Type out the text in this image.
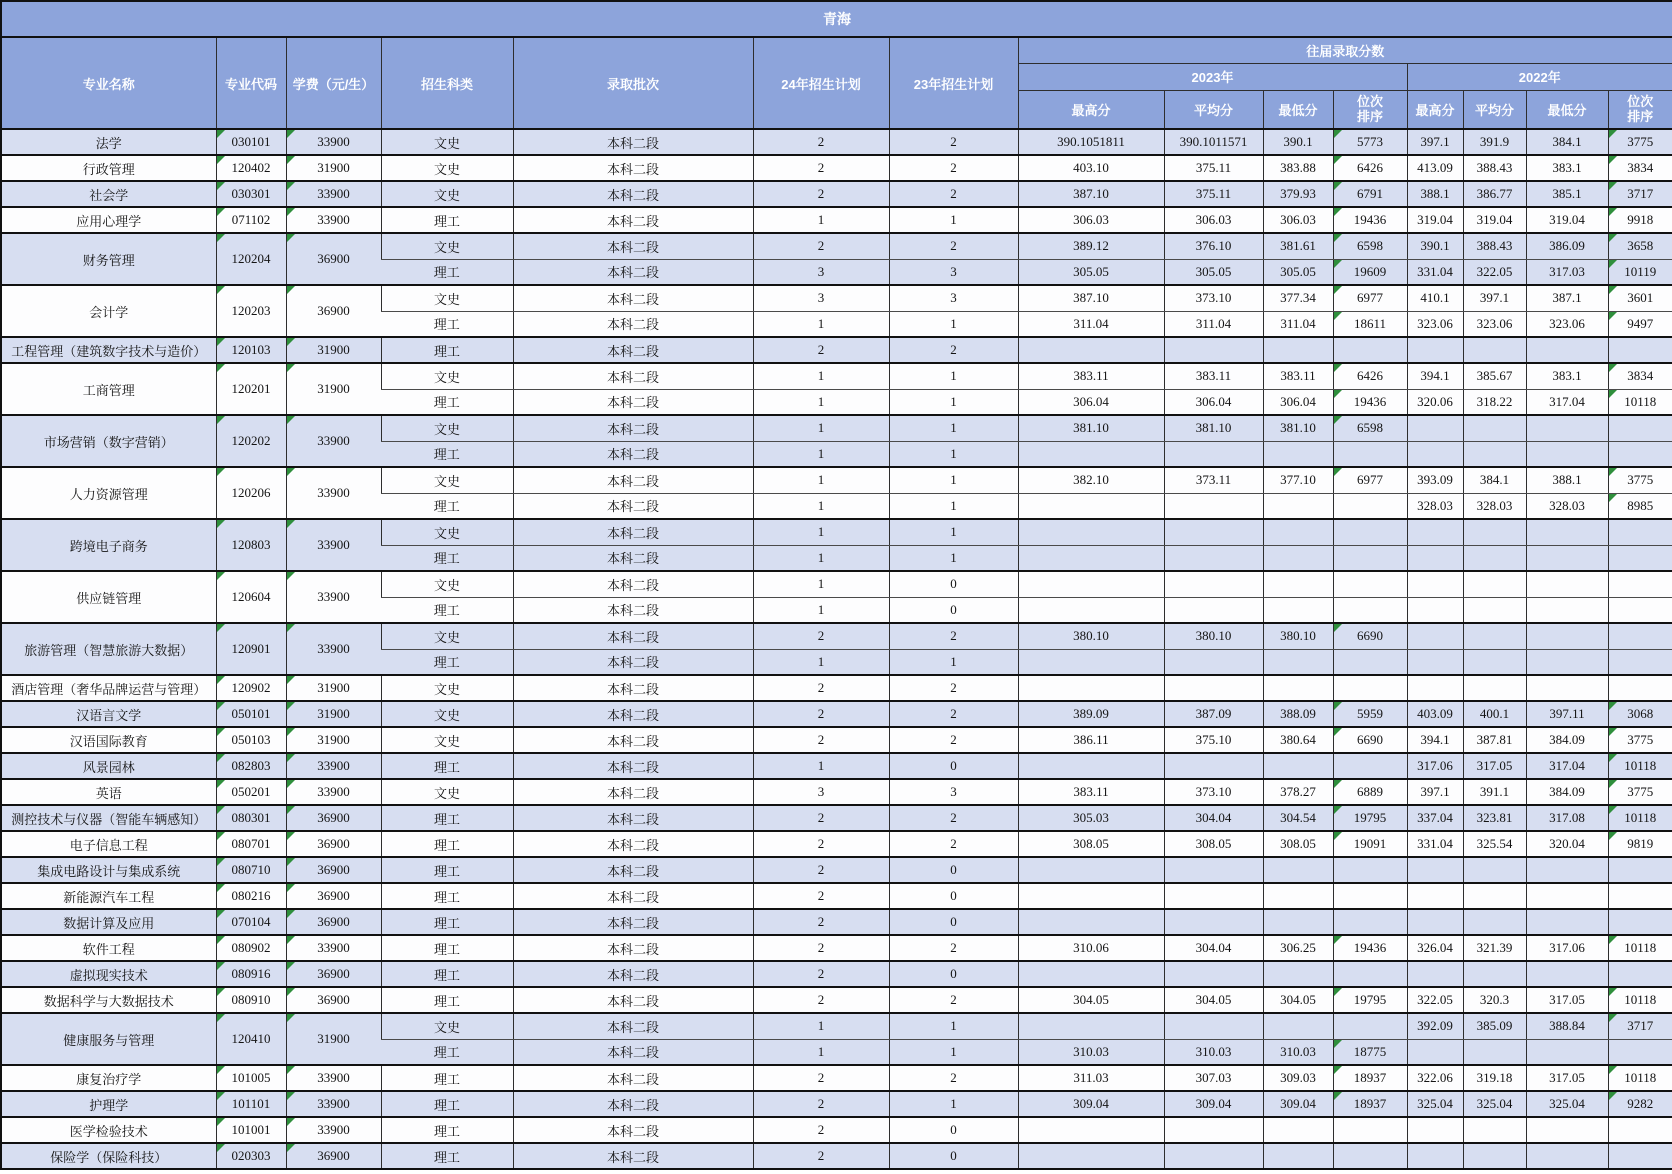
青海														
专业名称	专业代码	学费（元/生）	招生科类	录取批次	24年招生计划	23年招生计划	往届录取分数							
							2023年				2022年			
							最高分	平均分	最低分	位次排序	最高分	平均分	最低分	位次排序
法学	030101	33900	文史	本科二段	2	2	390.1051811	390.1011571	390.1	5773	397.1	391.9	384.1	3775
行政管理	120402	31900	文史	本科二段	2	2	403.10	375.11	383.88	6426	413.09	388.43	383.1	3834
社会学	030301	33900	文史	本科二段	2	2	387.10	375.11	379.93	6791	388.1	386.77	385.1	3717
应用心理学	071102	33900	理工	本科二段	1	1	306.03	306.03	306.03	19436	319.04	319.04	319.04	9918
财务管理	120204	36900	文史	本科二段	2	2	389.12	376.10	381.61	6598	390.1	388.43	386.09	3658
			理工	本科二段	3	3	305.05	305.05	305.05	19609	331.04	322.05	317.03	10119
会计学	120203	36900	文史	本科二段	3	3	387.10	373.10	377.34	6977	410.1	397.1	387.1	3601
			理工	本科二段	1	1	311.04	311.04	311.04	18611	323.06	323.06	323.06	9497
工程管理（建筑数字技术与造价）	120103	31900	理工	本科二段	2	2								
工商管理	120201	31900	文史	本科二段	1	1	383.11	383.11	383.11	6426	394.1	385.67	383.1	3834
			理工	本科二段	1	1	306.04	306.04	306.04	19436	320.06	318.22	317.04	10118
市场营销（数字营销）	120202	33900	文史	本科二段	1	1	381.10	381.10	381.10	6598				
			理工	本科二段	1	1								
人力资源管理	120206	33900	文史	本科二段	1	1	382.10	373.11	377.10	6977	393.09	384.1	388.1	3775
			理工	本科二段	1	1					328.03	328.03	328.03	8985
跨境电子商务	120803	33900	文史	本科二段	1	1								
			理工	本科二段	1	1								
供应链管理	120604	33900	文史	本科二段	1	0								
			理工	本科二段	1	0								
旅游管理（智慧旅游大数据）	120901	33900	文史	本科二段	2	2	380.10	380.10	380.10	6690				
			理工	本科二段	1	1								
酒店管理（奢华品牌运营与管理）	120902	31900	文史	本科二段	2	2								
汉语言文学	050101	31900	文史	本科二段	2	2	389.09	387.09	388.09	5959	403.09	400.1	397.11	3068
汉语国际教育	050103	31900	文史	本科二段	2	2	386.11	375.10	380.64	6690	394.1	387.81	384.09	3775
风景园林	082803	33900	理工	本科二段	1	0					317.06	317.05	317.04	10118
英语	050201	33900	文史	本科二段	3	3	383.11	373.10	378.27	6889	397.1	391.1	384.09	3775
测控技术与仪器（智能车辆感知）	080301	36900	理工	本科二段	2	2	305.03	304.04	304.54	19795	337.04	323.81	317.08	10118
电子信息工程	080701	36900	理工	本科二段	2	2	308.05	308.05	308.05	19091	331.04	325.54	320.04	9819
集成电路设计与集成系统	080710	36900	理工	本科二段	2	0								
新能源汽车工程	080216	36900	理工	本科二段	2	0								
数据计算及应用	070104	36900	理工	本科二段	2	0								
软件工程	080902	33900	理工	本科二段	2	2	310.06	304.04	306.25	19436	326.04	321.39	317.06	10118
虚拟现实技术	080916	36900	理工	本科二段	2	0								
数据科学与大数据技术	080910	36900	理工	本科二段	2	2	304.05	304.05	304.05	19795	322.05	320.3	317.05	10118
健康服务与管理	120410	31900	文史	本科二段	1	1					392.09	385.09	388.84	3717
			理工	本科二段	1	1	310.03	310.03	310.03	18775				
康复治疗学	101005	33900	理工	本科二段	2	2	311.03	307.03	309.03	18937	322.06	319.18	317.05	10118
护理学	101101	33900	理工	本科二段	2	1	309.04	309.04	309.04	18937	325.04	325.04	325.04	9282
医学检验技术	101001	33900	理工	本科二段	2	0								
保险学（保险科技）	020303	36900	理工	本科二段	2	0								
